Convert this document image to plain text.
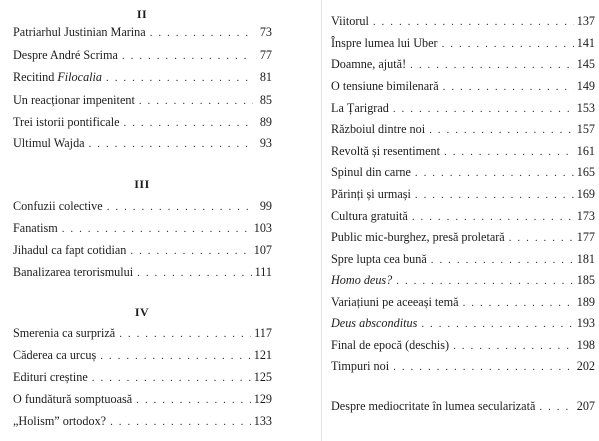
II
Patriarhul Justinian Marina . . .	73
Despre André Scrima . . .	77
Recitind Filocalia . . .	81
Un reacționar impenitent . . .	85
Trei istorii pontificale . . .	89
Ultimul Wajda . . .	93
III
Confuzii colective . . .	99
Fanatism . . .	103
Jihadul ca fapt cotidian . . .	107
Banalizarea terorismului . . .	111
IV
Smerenia ca surpriză . . .	117
Căderea ca urcuș . . .	121
Edituri creștine . . .	125
O fundătură somptuoasă . . .	129
„Holism” ortodox? . . .	133
Viitorul . . .	137
Înspre lumea lui Uber . . .	141
Doamne, ajută! . . .	145
O tensiune bimilenară . . .	149
La Țarigrad . . .	153
Războiul dintre noi . . .	157
Revoltă și resentiment . . .	161
Spinul din carne . . .	165
Părinți și urmași . . .	169
Cultura gratuită . . .	173
Public mic-burghez, presă proletară . . .	177
Spre lupta cea bună . . .	181
Homo deus? . . .	185
Variațiuni pe aceeași temă . . .	189
Deus absconditus . . .	193
Final de epocă (deschis) . . .	198
Timpuri noi . . .	202
Despre mediocritate în lumea secularizată . . .	207
